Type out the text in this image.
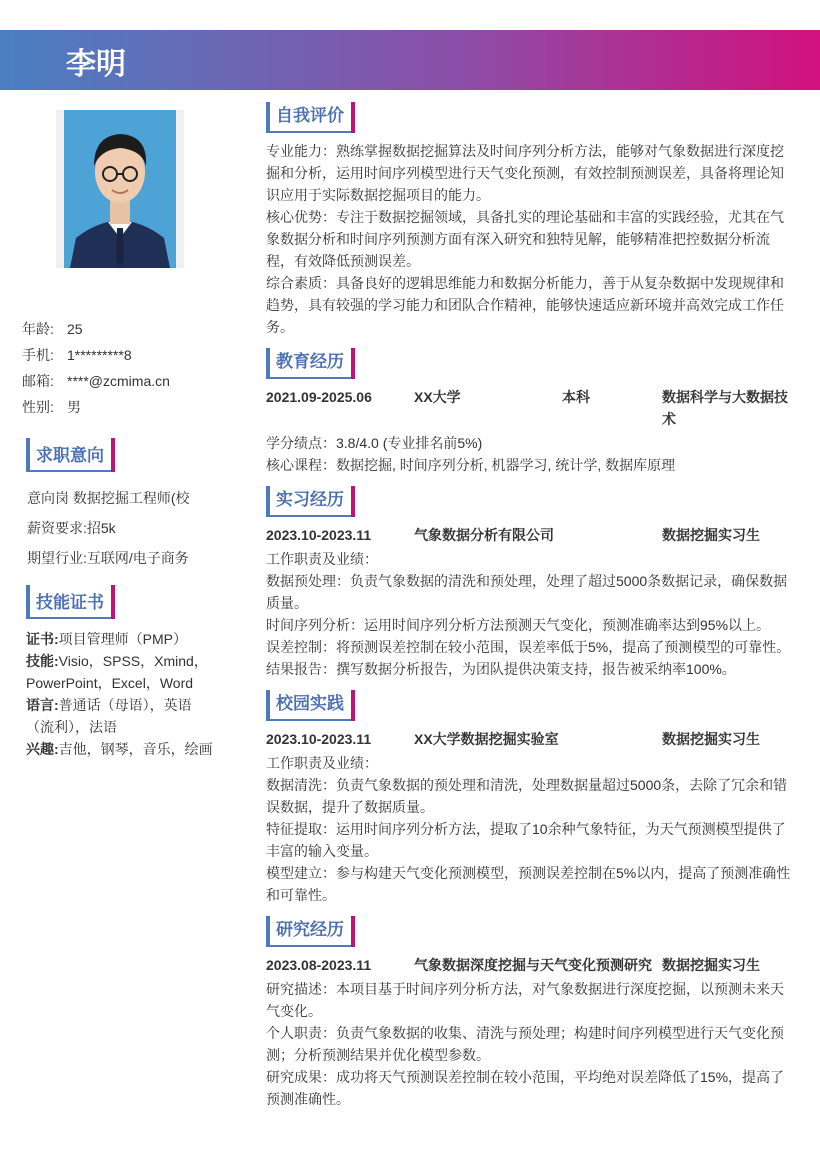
李明
年龄: 25
手机: 1*********8
邮箱: ****@zcmima.cn
性别: 男
求职意向
意向岗 数据挖掘工程师(校
薪资要求:招5k
期望行业:互联网/电子商务
技能证书
证书:项目管理师（PMP）
技能:Visio，SPSS，Xmind，PowerPoint，Excel，Word
语言:普通话（母语），英语（流利），法语
兴趣:吉他，钢琴，音乐，绘画
自我评价

专业能力：熟练掌握数据挖掘算法及时间序列分析方法，能够对气象数据进行深度挖掘和分析，运用时间序列模型进行天气变化预测，有效控制预测误差，具备将理论知识应用于实际数据挖掘项目的能力。

核心优势：专注于数据挖掘领域，具备扎实的理论基础和丰富的实践经验，尤其在气象数据分析和时间序列预测方面有深入研究和独特见解，能够精准把控数据分析流程，有效降低预测误差。

综合素质：具备良好的逻辑思维能力和数据分析能力，善于从复杂数据中发现规律和趋势，具有较强的学习能力和团队合作精神，能够快速适应新环境并高效完成工作任务。

教育经历
2021.09-2025.06	XX大学	本科	数据科学与大数据技术

学分绩点：3.8/4.0 (专业排名前5%)

核心课程：数据挖掘, 时间序列分析, 机器学习, 统计学, 数据库原理

实习经历
2023.10-2023.11	气象数据分析有限公司	数据挖掘实习生

工作职责及业绩：

数据预处理：负责气象数据的清洗和预处理，处理了超过5000条数据记录，确保数据质量。

时间序列分析：运用时间序列分析方法预测天气变化，预测准确率达到95%以上。

误差控制：将预测误差控制在较小范围，误差率低于5%，提高了预测模型的可靠性。

结果报告：撰写数据分析报告，为团队提供决策支持，报告被采纳率100%。

校园实践
2023.10-2023.11	XX大学数据挖掘实验室	数据挖掘实习生

工作职责及业绩：

数据清洗：负责气象数据的预处理和清洗，处理数据量超过5000条，去除了冗余和错误数据，提升了数据质量。

特征提取：运用时间序列分析方法，提取了10余种气象特征，为天气预测模型提供了丰富的输入变量。

模型建立：参与构建天气变化预测模型，预测误差控制在5%以内，提高了预测准确性和可靠性。

研究经历
2023.08-2023.11	气象数据深度挖掘与天气变化预测研究 数据挖掘实习生

研究描述：本项目基于时间序列分析方法，对气象数据进行深度挖掘，以预测未来天气变化。

个人职责：负责气象数据的收集、清洗与预处理；构建时间序列模型进行天气变化预测；分析预测结果并优化模型参数。

研究成果：成功将天气预测误差控制在较小范围，平均绝对误差降低了15%，提高了预测准确性。
